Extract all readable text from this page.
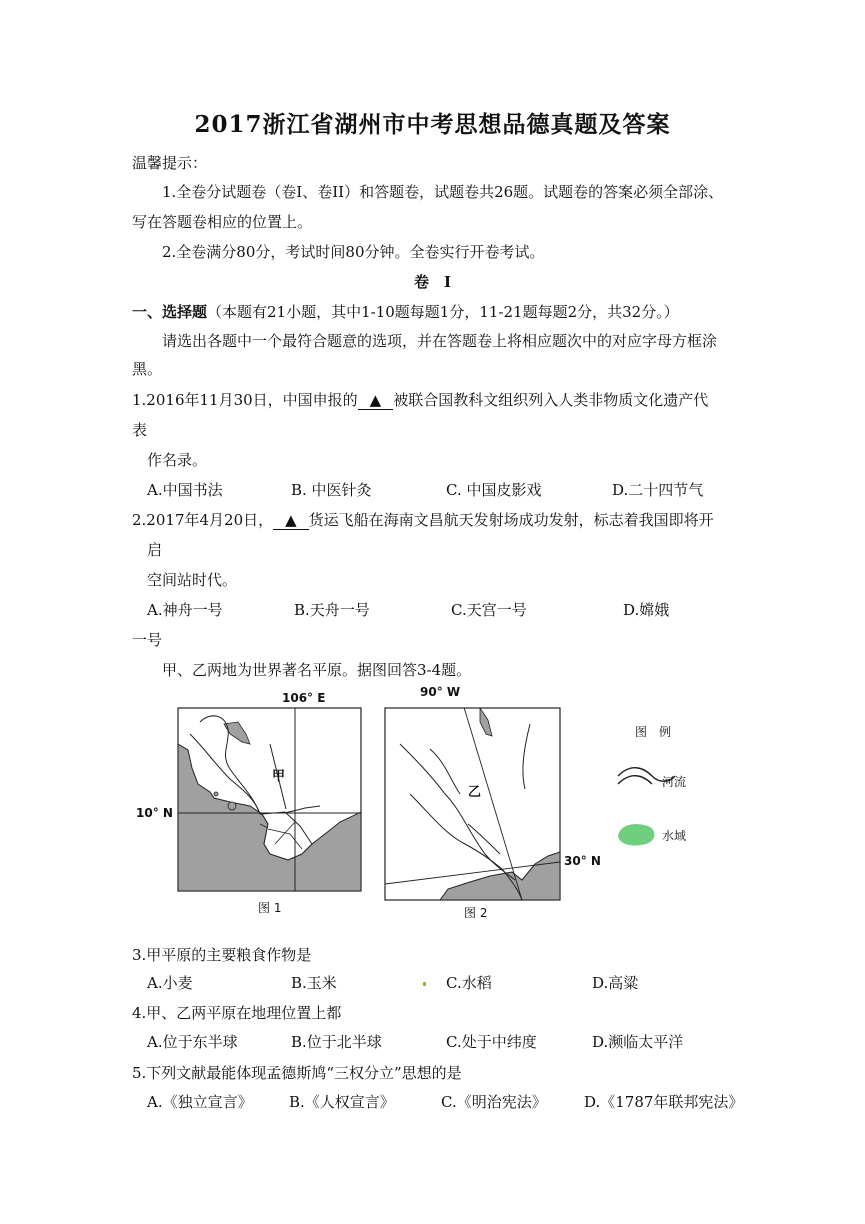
2017浙江省湖州市中考思想品德真题及答案
温馨提示：
1.全卷分试题卷（卷I、卷II）和答题卷，试题卷共26题。试题卷的答案必须全部涂、
写在答题卷相应的位置上。
2.全卷满分80分，考试时间80分钟。全卷实行开卷考试。
卷　I
一、选择题（本题有21小题，其中1-10题每题1分，11-21题每题2分，共32分。）
请选出各题中一个最符合题意的选项，并在答题卷上将相应题次中的对应字母方框涂
黑。
1.2016年11月30日，中国申报的 ▲ 被联合国教科文组织列入人类非物质文化遗产代
表
作名录。
A.中国书法	B. 中医针灸	C. 中国皮影戏	D.二十四节气
2.2017年4月20日， ▲ 货运飞船在海南文昌航天发射场成功发射，标志着我国即将开
启
空间站时代。
A.神舟一号	B.天舟一号	C.天宫一号	D.嫦娥
一号
甲、乙两地为世界著名平原。据图回答3-4题。
106° E
10° N
甲
图 1
90° W
30° N
乙
图 2
图　例
河流
水域
3.甲平原的主要粮食作物是
A.小麦	B.玉米	C.水稻	D.高粱
4.甲、乙两平原在地理位置上都
A.位于东半球	B.位于北半球	C.处于中纬度	D.濒临太平洋
5.下列文献最能体现孟德斯鸠“三权分立”思想的是
A.《独立宣言》 B.《人权宣言》	C.《明治宪法》 D.《1787年联邦宪法》
